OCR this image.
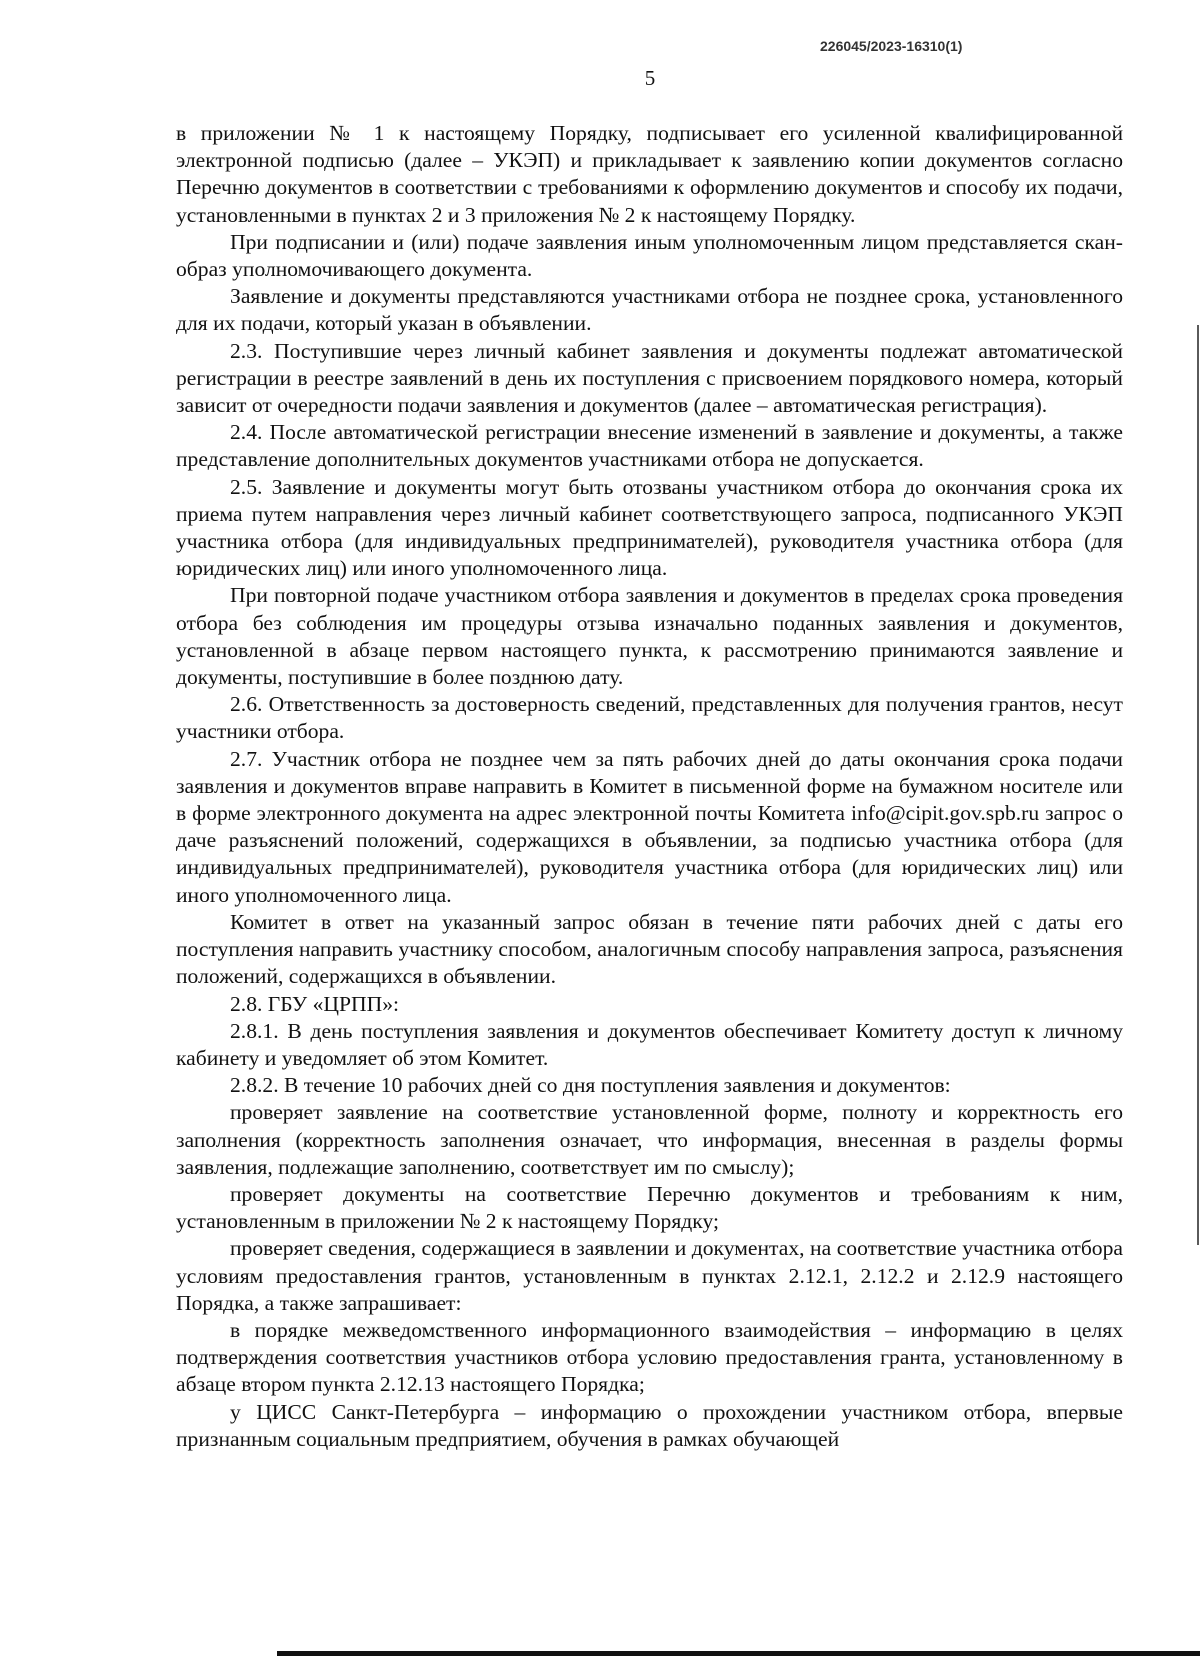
226045/2023-16310(1)
5

в приложении № 1 к настоящему Порядку, подписывает его усиленной квалифицированной электронной подписью (далее – УКЭП) и прикладывает к заявлению копии документов согласно Перечню документов в соответствии с требованиями к оформлению документов и способу их подачи, установленными в пунктах 2 и 3 приложения № 2 к настоящему Порядку.

При подписании и (или) подаче заявления иным уполномоченным лицом представляется скан-образ уполномочивающего документа.

Заявление и документы представляются участниками отбора не позднее срока, установленного для их подачи, который указан в объявлении.

2.3. Поступившие через личный кабинет заявления и документы подлежат автоматической регистрации в реестре заявлений в день их поступления с присвоением порядкового номера, который зависит от очередности подачи заявления и документов (далее – автоматическая регистрация).

2.4. После автоматической регистрации внесение изменений в заявление и документы, а также представление дополнительных документов участниками отбора не допускается.

2.5. Заявление и документы могут быть отозваны участником отбора до окончания срока их приема путем направления через личный кабинет соответствующего запроса, подписанного УКЭП участника отбора (для индивидуальных предпринимателей), руководителя участника отбора (для юридических лиц) или иного уполномоченного лица.

При повторной подаче участником отбора заявления и документов в пределах срока проведения отбора без соблюдения им процедуры отзыва изначально поданных заявления и документов, установленной в абзаце первом настоящего пункта, к рассмотрению принимаются заявление и документы, поступившие в более позднюю дату.

2.6. Ответственность за достоверность сведений, представленных для получения грантов, несут участники отбора.

2.7. Участник отбора не позднее чем за пять рабочих дней до даты окончания срока подачи заявления и документов вправе направить в Комитет в письменной форме на бумажном носителе или в форме электронного документа на адрес электронной почты Комитета info@cipit.gov.spb.ru запрос о даче разъяснений положений, содержащихся в объявлении, за подписью участника отбора (для индивидуальных предпринимателей), руководителя участника отбора (для юридических лиц) или иного уполномоченного лица.

Комитет в ответ на указанный запрос обязан в течение пяти рабочих дней с даты его поступления направить участнику способом, аналогичным способу направления запроса, разъяснения положений, содержащихся в объявлении.

2.8. ГБУ «ЦРПП»:

2.8.1. В день поступления заявления и документов обеспечивает Комитету доступ к личному кабинету и уведомляет об этом Комитет.

2.8.2. В течение 10 рабочих дней со дня поступления заявления и документов:

проверяет заявление на соответствие установленной форме, полноту и корректность его заполнения (корректность заполнения означает, что информация, внесенная в разделы формы заявления, подлежащие заполнению, соответствует им по смыслу);

проверяет документы на соответствие Перечню документов и требованиям к ним, установленным в приложении № 2 к настоящему Порядку;

проверяет сведения, содержащиеся в заявлении и документах, на соответствие участника отбора условиям предоставления грантов, установленным в пунктах 2.12.1, 2.12.2 и 2.12.9 настоящего Порядка, а также запрашивает:

в порядке межведомственного информационного взаимодействия – информацию в целях подтверждения соответствия участников отбора условию предоставления гранта, установленному в абзаце втором пункта 2.12.13 настоящего Порядка;

у ЦИСС Санкт-Петербурга – информацию о прохождении участником отбора, впервые признанным социальным предприятием, обучения в рамках обучающей
